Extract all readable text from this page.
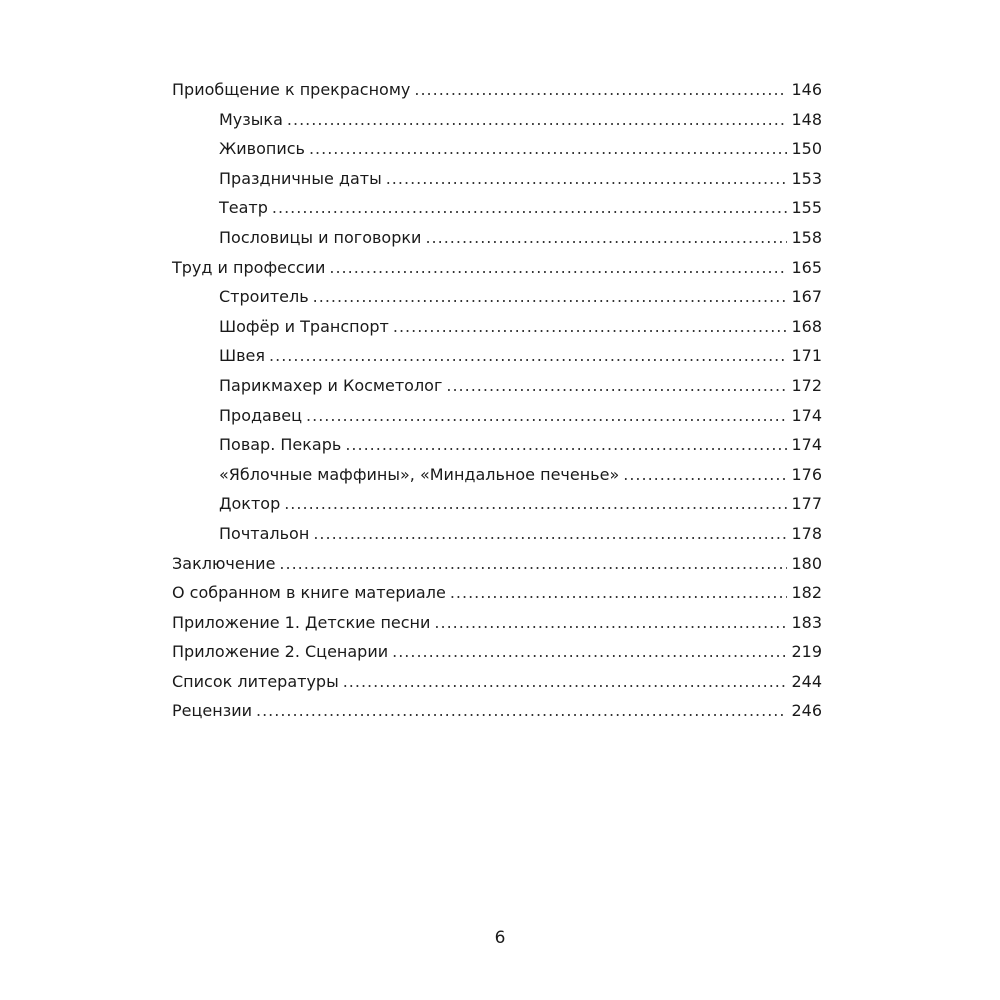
Приобщение к прекрасному .....	146
Музыка .....	148
Живопись .....	150
Праздничные даты .....	153
Театр .....	155
Пословицы и поговорки .....	158
Труд и профессии .....	165
Строитель .....	167
Шофёр и Транспорт .....	168
Швея .....	171
Парикмахер и Косметолог .....	172
Продавец .....	174
Повар. Пекарь .....	174
«Яблочные маффины», «Миндальное печенье» .....	176
Доктор .....	177
Почтальон .....	178
Заключение .....	180
О собранном в книге материале .....	182
Приложение 1. Детские песни .....	183
Приложение 2. Сценарии .....	219
Список литературы .....	244
Рецензии .....	246
6
